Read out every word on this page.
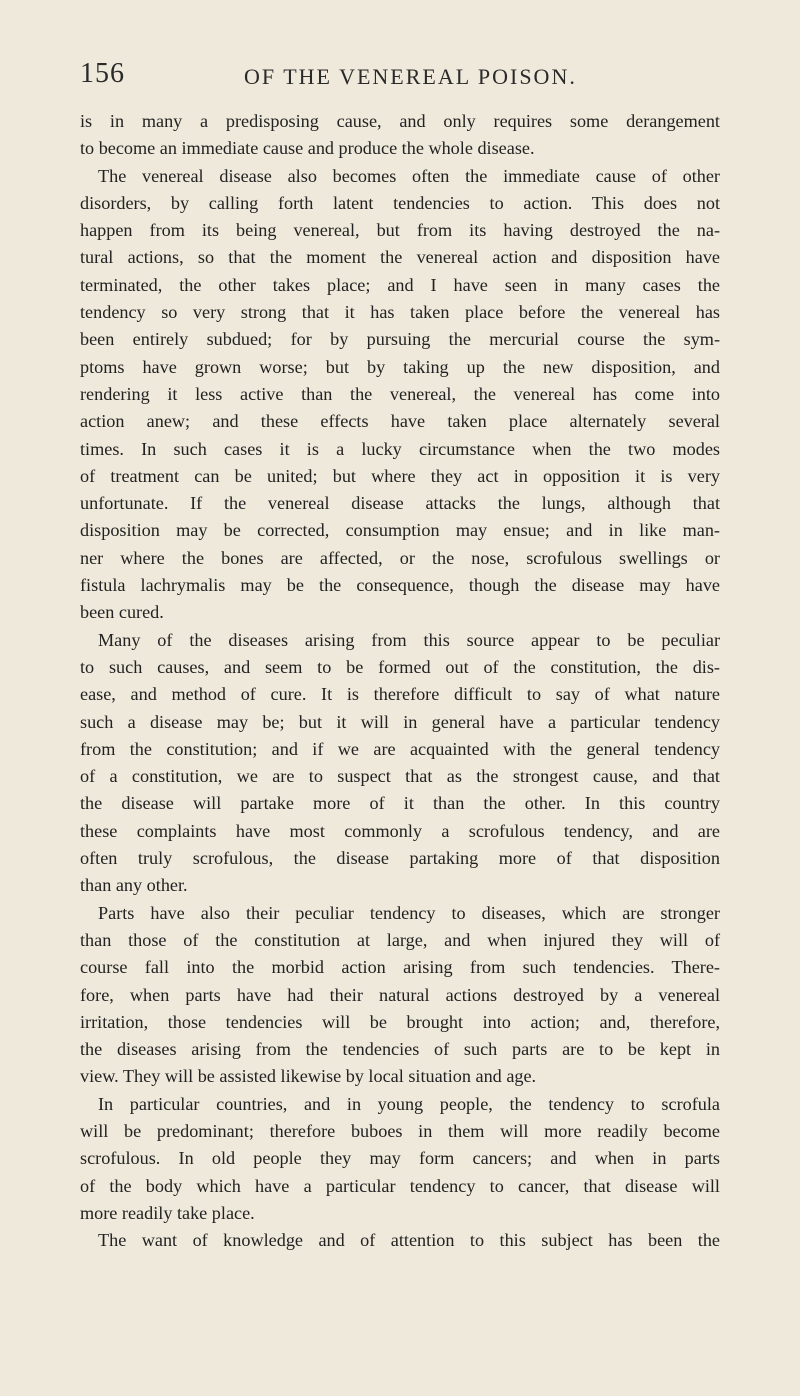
156	OF THE VENEREAL POISON.
is in many a predisposing cause, and only requires some derangement
to become an immediate cause and produce the whole disease.
The venereal disease also becomes often the immediate cause of other
disorders, by calling forth latent tendencies to action. This does not
happen from its being venereal, but from its having destroyed the na-
tural actions, so that the moment the venereal action and disposition have
terminated, the other takes place; and I have seen in many cases the
tendency so very strong that it has taken place before the venereal has
been entirely subdued; for by pursuing the mercurial course the sym-
ptoms have grown worse; but by taking up the new disposition, and
rendering it less active than the venereal, the venereal has come into
action anew; and these effects have taken place alternately several
times. In such cases it is a lucky circumstance when the two modes
of treatment can be united; but where they act in opposition it is very
unfortunate. If the venereal disease attacks the lungs, although that
disposition may be corrected, consumption may ensue; and in like man-
ner where the bones are affected, or the nose, scrofulous swellings or
fistula lachrymalis may be the consequence, though the disease may have
been cured.
Many of the diseases arising from this source appear to be peculiar
to such causes, and seem to be formed out of the constitution, the dis-
ease, and method of cure. It is therefore difficult to say of what nature
such a disease may be; but it will in general have a particular tendency
from the constitution; and if we are acquainted with the general tendency
of a constitution, we are to suspect that as the strongest cause, and that
the disease will partake more of it than the other. In this country
these complaints have most commonly a scrofulous tendency, and are
often truly scrofulous, the disease partaking more of that disposition
than any other.
Parts have also their peculiar tendency to diseases, which are stronger
than those of the constitution at large, and when injured they will of
course fall into the morbid action arising from such tendencies. There-
fore, when parts have had their natural actions destroyed by a venereal
irritation, those tendencies will be brought into action; and, therefore,
the diseases arising from the tendencies of such parts are to be kept in
view. They will be assisted likewise by local situation and age.
In particular countries, and in young people, the tendency to scrofula
will be predominant; therefore buboes in them will more readily become
scrofulous. In old people they may form cancers; and when in parts
of the body which have a particular tendency to cancer, that disease will
more readily take place.
The want of knowledge and of attention to this subject has been the
